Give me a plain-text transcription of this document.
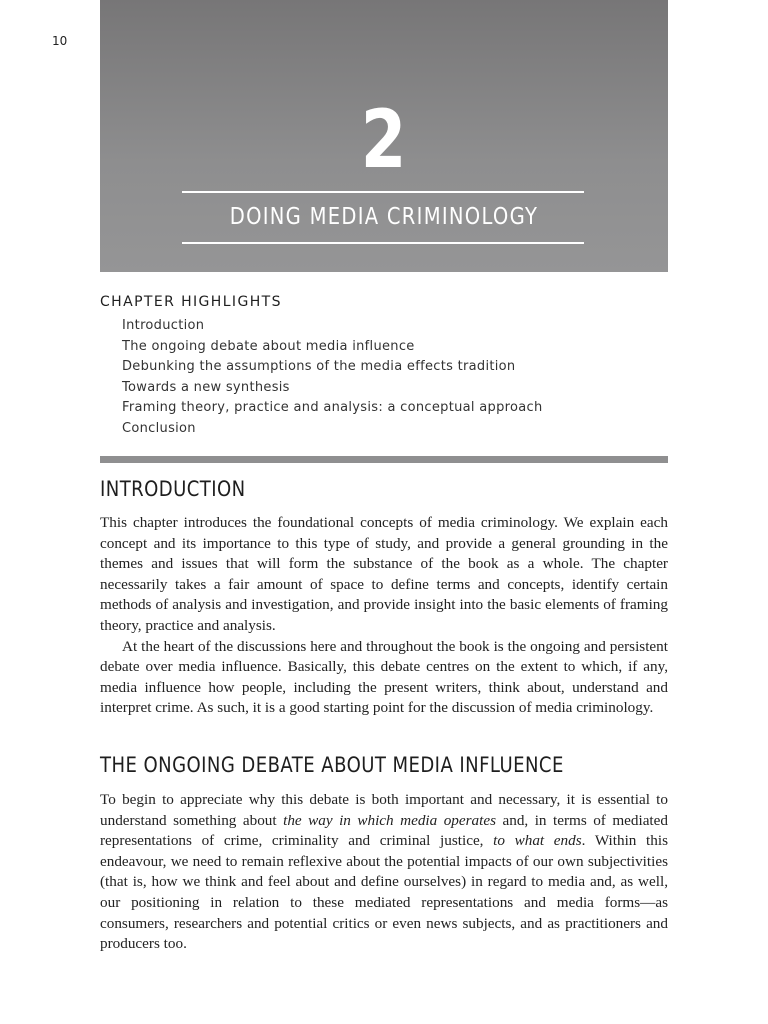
10
2
DOING MEDIA CRIMINOLOGY
CHAPTER HIGHLIGHTS
Introduction
The ongoing debate about media influence
Debunking the assumptions of the media effects tradition
Towards a new synthesis
Framing theory, practice and analysis: a conceptual approach
Conclusion
INTRODUCTION

This chapter introduces the foundational concepts of media criminology. We explain each concept and its importance to this type of study, and provide a general grounding in the themes and issues that will form the substance of the book as a whole. The chapter necessarily takes a fair amount of space to define terms and concepts, identify certain methods of analysis and investigation, and provide insight into the basic elements of framing theory, practice and analysis.

At the heart of the discussions here and throughout the book is the ongoing and persistent debate over media influence. Basically, this debate centres on the extent to which, if any, media influence how people, including the present writers, think about, understand and interpret crime. As such, it is a good starting point for the discussion of media criminology.

THE ONGOING DEBATE ABOUT MEDIA INFLUENCE

To begin to appreciate why this debate is both important and necessary, it is essential to understand something about the way in which media operates and, in terms of mediated representations of crime, criminality and criminal justice, to what ends. Within this endeavour, we need to remain reflexive about the potential impacts of our own subjectivities (that is, how we think and feel about and define ourselves) in regard to media and, as well, our positioning in relation to these mediated representations and media forms—as consumers, researchers and potential critics or even news subjects, and as practitioners and producers too.
